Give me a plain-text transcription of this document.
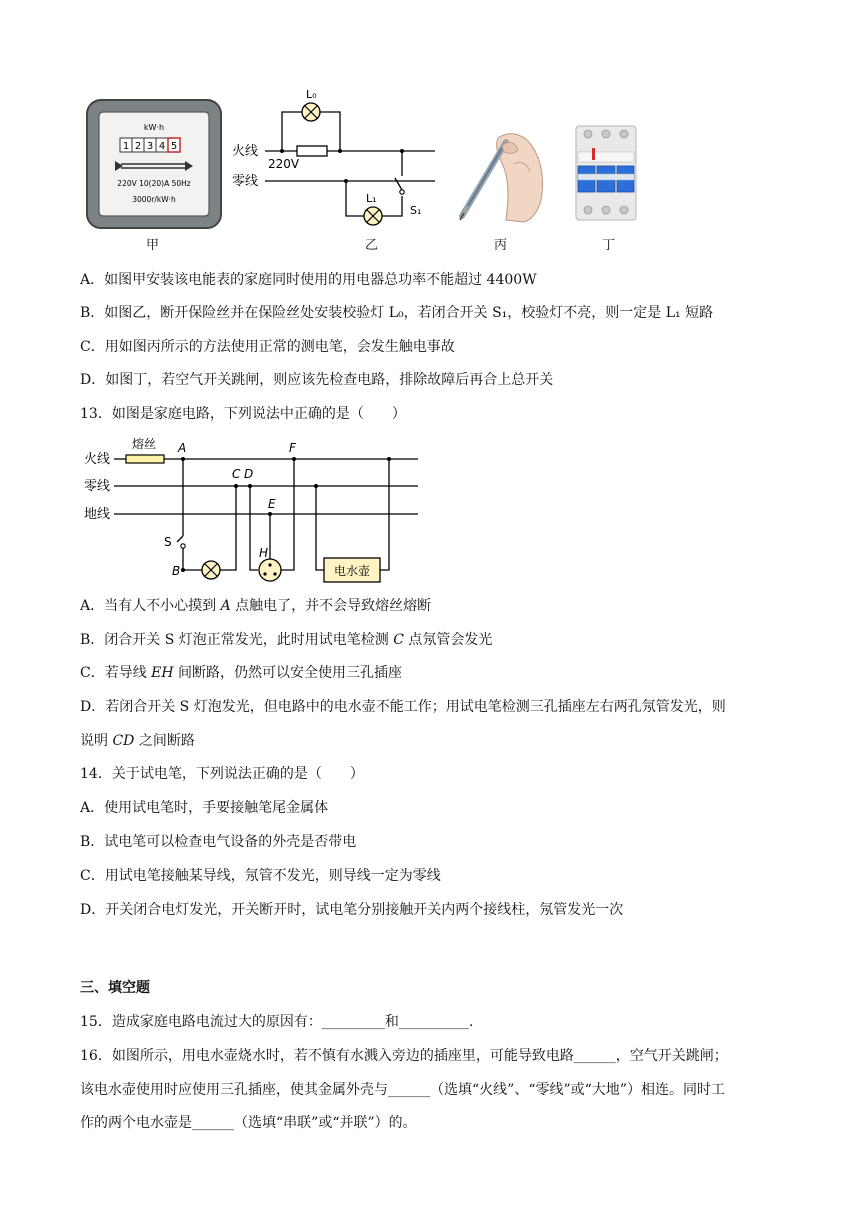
kW·h
1 2 3 4 5
220V 10(20)A 50Hz
3000r/kW·h
甲
火线
零线
220V
L₀
L₁
S₁
乙	丙	丁
A．如图甲安装该电能表的家庭同时使用的用电器总功率不能超过 4400W
B．如图乙，断开保险丝并在保险丝处安装校验灯 L₀，若闭合开关 S₁，校验灯不亮，则一定是 L₁ 短路
C．用如图丙所示的方法使用正常的测电笔，会发生触电事故
D．如图丁，若空气开关跳闸，则应该先检查电路，排除故障后再合上总开关
13．如图是家庭电路，下列说法中正确的是（　　）
火线
零线
地线
熔丝 A
C D
F
E
H
B
S
电水壶
A．当有人不小心摸到 A 点触电了，并不会导致熔丝熔断
B．闭合开关 S 灯泡正常发光，此时用试电笔检测 C 点氖管会发光
C．若导线 EH 间断路，仍然可以安全使用三孔插座
D．若闭合开关 S 灯泡发光，但电路中的电水壶不能工作；用试电笔检测三孔插座左右两孔氖管发光，则
说明 CD 之间断路
14．关于试电笔，下列说法正确的是（　　）
A．使用试电笔时，手要接触笔尾金属体
B．试电笔可以检查电气设备的外壳是否带电
C．用试电笔接触某导线，氖管不发光，则导线一定为零线
D．开关闭合电灯发光，开关断开时，试电笔分别接触开关内两个接线柱，氖管发光一次
三、填空题
15．造成家庭电路电流过大的原因有：_________和__________.
16．如图所示，用电水壶烧水时，若不慎有水溅入旁边的插座里，可能导致电路______，空气开关跳闸；
该电水壶使用时应使用三孔插座，使其金属外壳与______（选填“火线”、“零线”或“大地”）相连。同时工
作的两个电水壶是______（选填“串联”或“并联”）的。
